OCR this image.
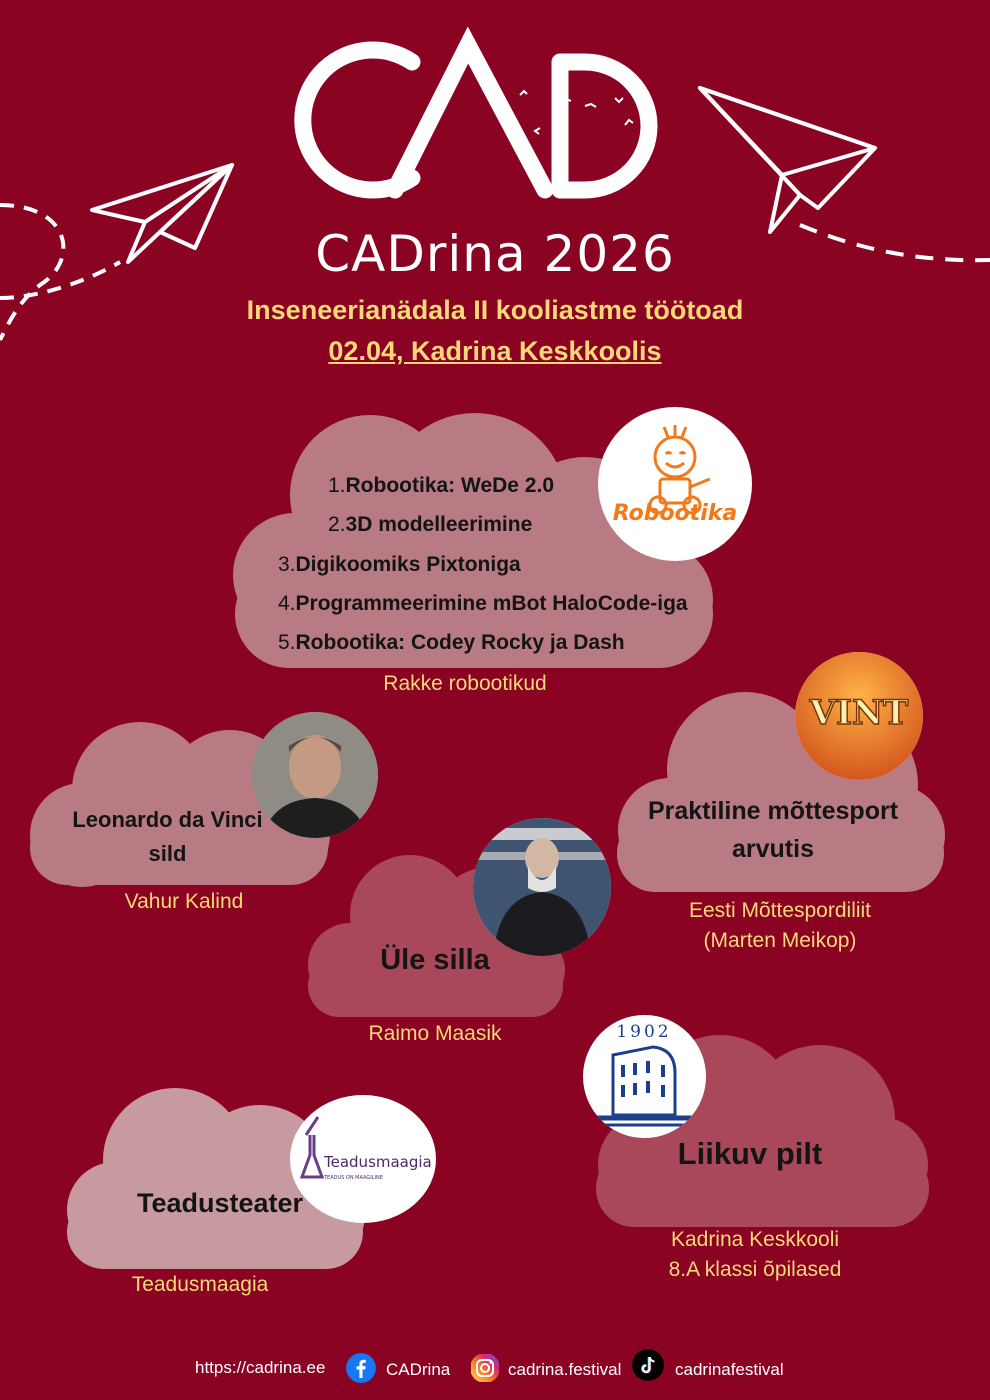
CADrina 2026
Inseneerianädala II kooliastme töötoad
02.04, Kadrina Keskkoolis
1.Robootika: WeDe 2.0
2.3D modelleerimine
3.Digikoomiks Pixtoniga
4.Programmeerimine mBot HaloCode-iga
5.Robootika: Codey Rocky ja Dash
Rakke robootikud
Robootika
Leonardo da Vinci
sild
Vahur Kalind
Praktiline mõttesport
arvutis
Eesti Mõttespordiliit
(Marten Meikop)
VINT
Üle silla
Raimo Maasik
Teadusteater
Teadusmaagia
Teadusmaagia
TEADUS ON MAAGILINE
Liikuv pilt
Kadrina Keskkooli
8.A klassi õpilased
1902
https://cadrina.ee	CADrina	cadrina.festival	cadrinafestival
